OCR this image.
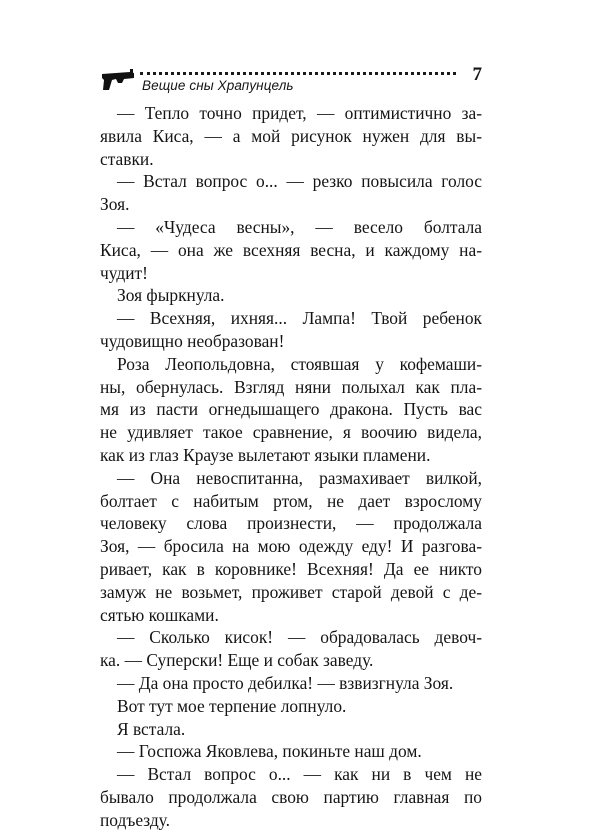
Вещие сны Храпунцель
7
— Тепло точно придет, — оптимистично за-
явила Киса, — а мой рисунок нужен для вы-
ставки.
— Встал вопрос о... — резко повысила голос
Зоя.
— «Чудеса весны», — весело болтала
Киса, — она же всехняя весна, и каждому на-
чудит!
Зоя фыркнула.
— Всехняя, ихняя... Лампа! Твой ребенок
чудовищно необразован!
Роза Леопольдовна, стоявшая у кофемаши-
ны, обернулась. Взгляд няни полыхал как пла-
мя из пасти огнедышащего дракона. Пусть вас
не удивляет такое сравнение, я воочию видела,
как из глаз Краузе вылетают языки пламени.
— Она невоспитанна, размахивает вилкой,
болтает с набитым ртом, не дает взрослому
человеку слова произнести, — продолжала
Зоя, — бросила на мою одежду еду! И разгова-
ривает, как в коровнике! Всехняя! Да ее никто
замуж не возьмет, проживет старой девой с де-
сятью кошками.
— Сколько кисок! — обрадовалась девоч-
ка. — Суперски! Еще и собак заведу.
— Да она просто дебилка! — взвизгнула Зоя.
Вот тут мое терпение лопнуло.
Я встала.
— Госпожа Яковлева, покиньте наш дом.
— Встал вопрос о... — как ни в чем не
бывало продолжала свою партию главная по
подъезду.
